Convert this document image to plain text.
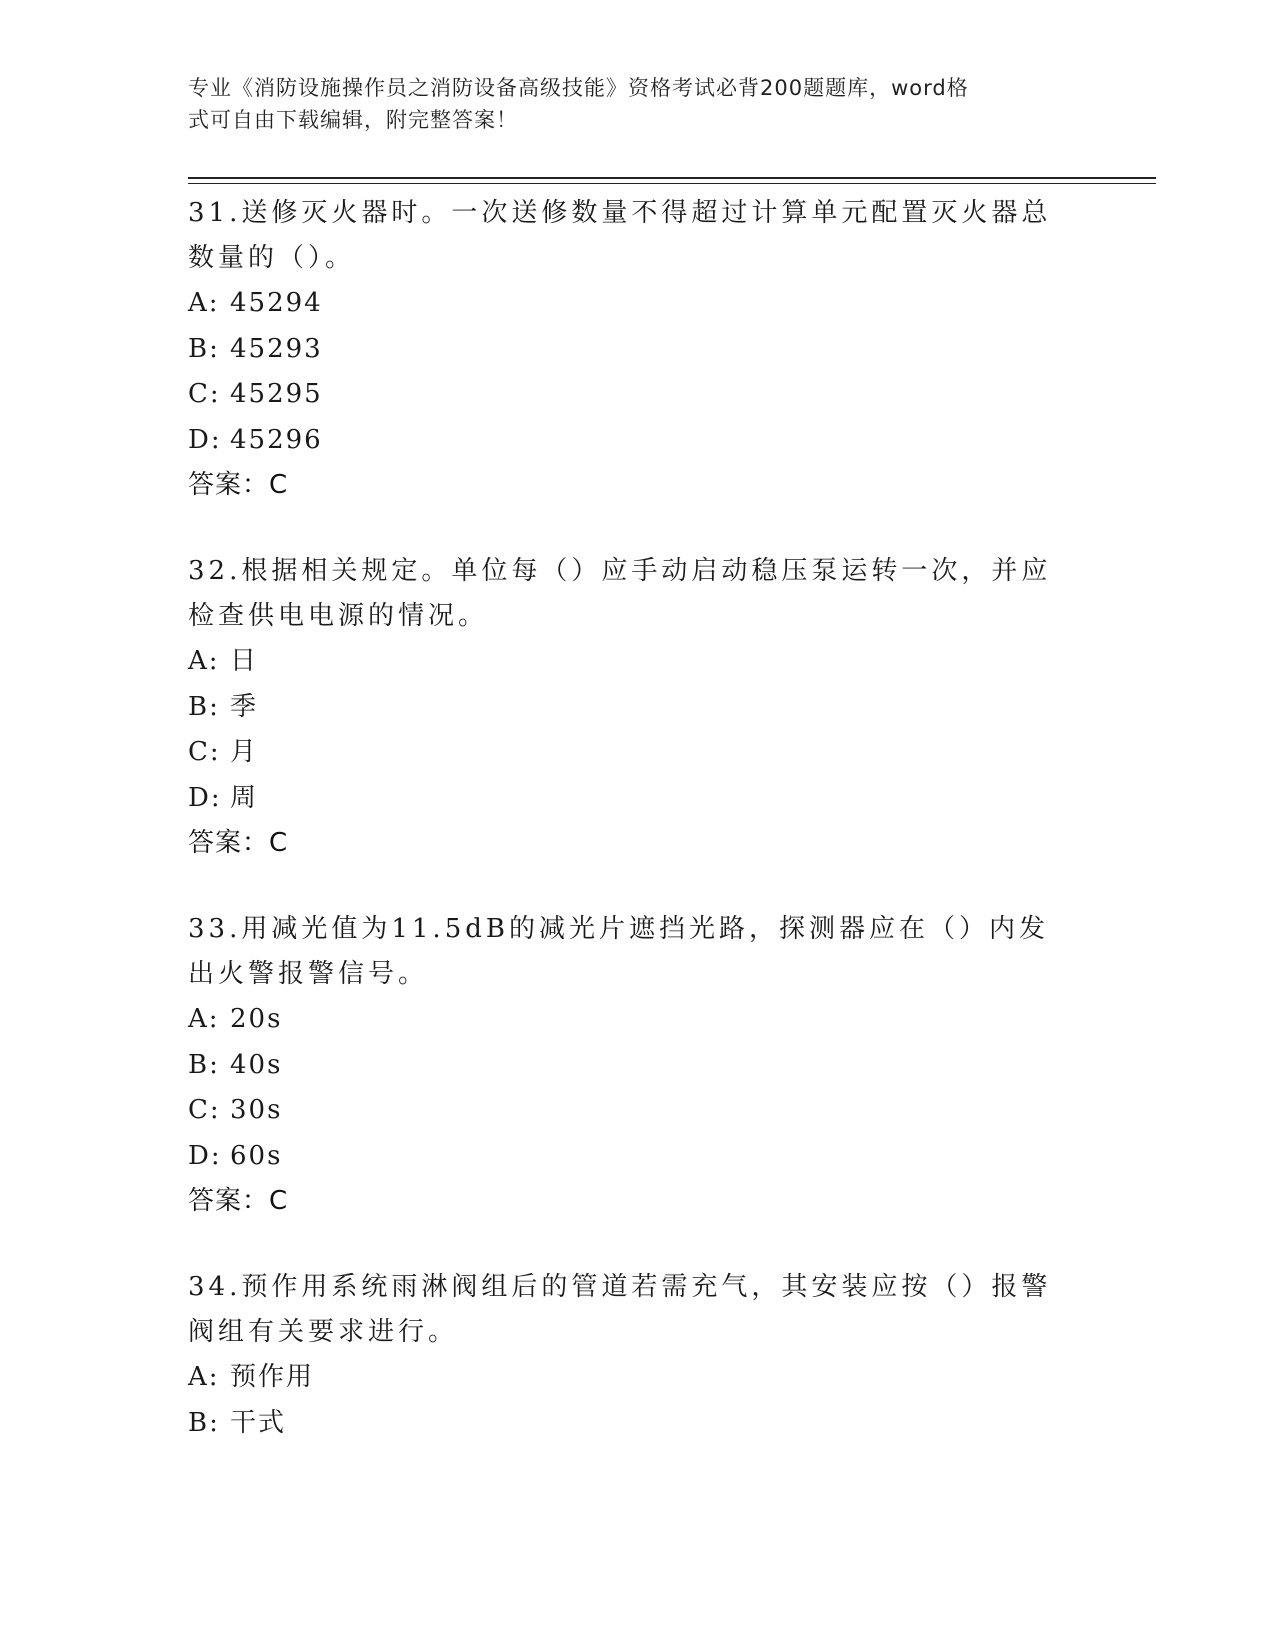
专业《消防设施操作员之消防设备高级技能》资格考试必背200题题库，word格
式可自由下载编辑，附完整答案！
31.送修灭火器时。一次送修数量不得超过计算单元配置灭火器总数量的（）。
A: 45294
B: 45293
C: 45295
D: 45296
答案：C
32.根据相关规定。单位每（）应手动启动稳压泵运转一次，并应检查供电电源的情况。
A: 日
B: 季
C: 月
D: 周
答案：C
33.用减光值为11.5dB的减光片遮挡光路，探测器应在（）内发出火警报警信号。
A: 20s
B: 40s
C: 30s
D: 60s
答案：C
34.预作用系统雨淋阀组后的管道若需充气，其安装应按（）报警阀组有关要求进行。
A: 预作用
B: 干式
